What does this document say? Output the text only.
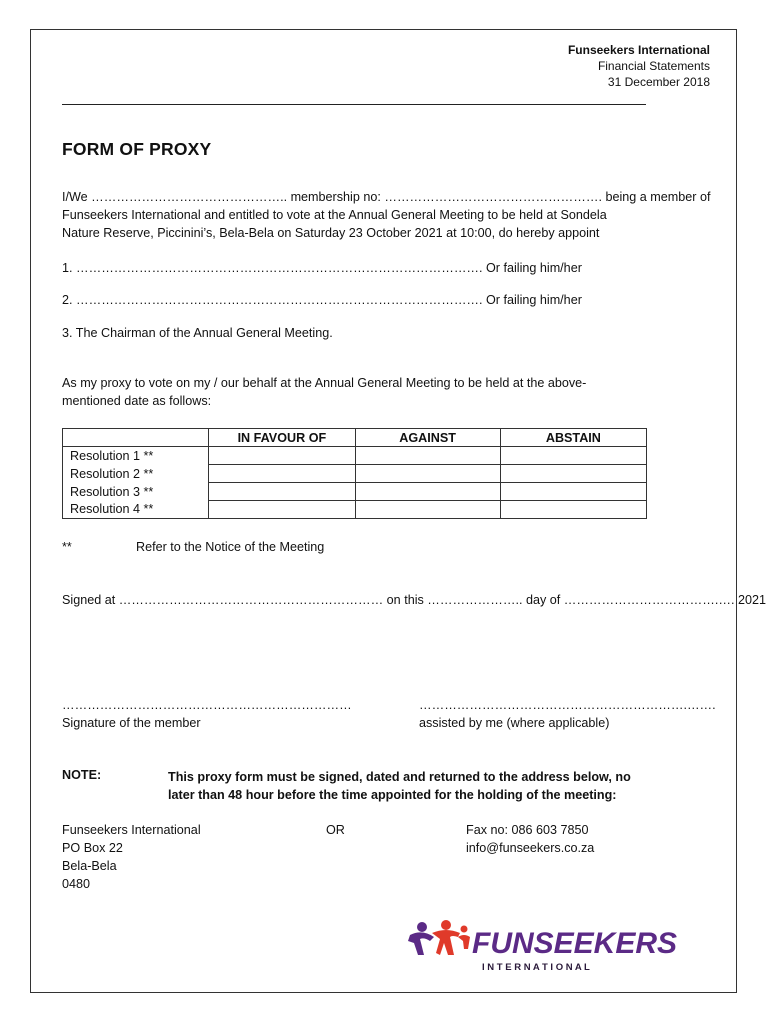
Funseekers International
Financial Statements
31 December 2018
FORM OF PROXY
I/We ……………………………………….. membership no: ……………………………………………. being a member of
Funseekers International and entitled to vote at the Annual General Meeting to be held at Sondela
Nature Reserve, Piccinini’s, Bela-Bela on Saturday 23 October 2021 at 10:00, do hereby appoint
1. ……………………………………………………………………………………. Or failing him/her
2. ……………………………………………………………………………………. Or failing him/her
3. The Chairman of the Annual General Meeting.
As my proxy to vote on my / our behalf at the Annual General Meeting to be held at the above-
mentioned date as follows:
	IN FAVOUR OF	AGAINST	ABSTAIN
Resolution 1 **			
Resolution 2 **			
Resolution 3 **			
Resolution 4 **			
**	Refer to the Notice of the Meeting
Signed at ……………………………………………………… on this ………………….. day of ……………………………….…. 2021
……………………………………………………………
Signature of the member
……………………………………………………….…….
assisted by me (where applicable)
NOTE:	This proxy form must be signed, dated and returned to the address below, no
later than 48 hour before the time appointed for the holding of the meeting:
Funseekers International
PO Box 22
Bela-Bela
0480
OR	Fax no: 086 603 7850
info@funseekers.co.za
FUNSEEKERS
I N T E R N A T I O N A L
